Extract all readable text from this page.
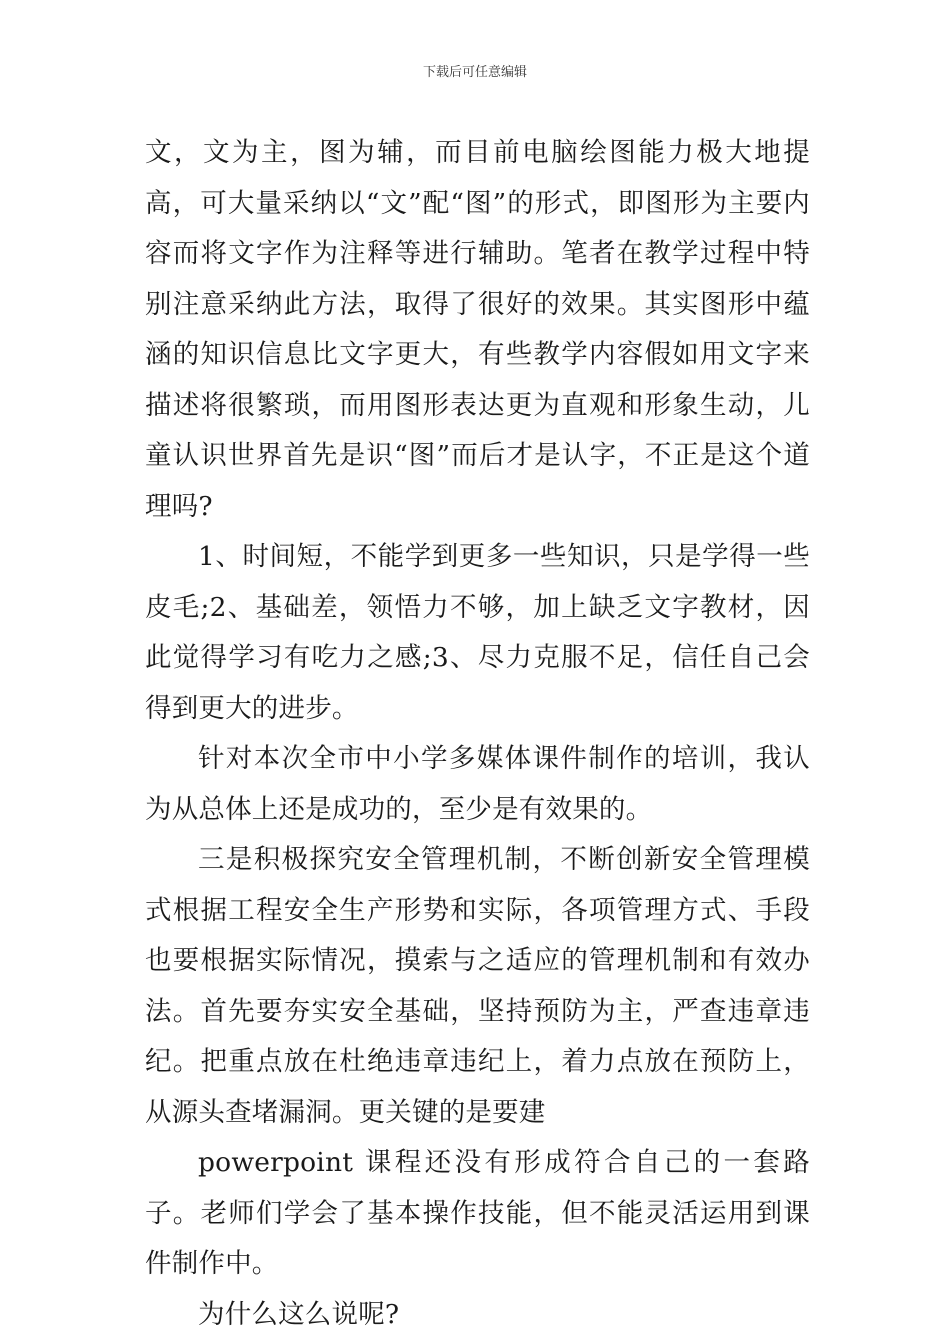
下载后可任意编辑

文，文为主，图为辅，而目前电脑绘图能力极大地提高，可大量采纳以“文”配“图”的形式，即图形为主要内容而将文字作为注释等进行辅助。笔者在教学过程中特别注意采纳此方法，取得了很好的效果。其实图形中蕴涵的知识信息比文字更大，有些教学内容假如用文字来描述将很繁琐，而用图形表达更为直观和形象生动，儿童认识世界首先是识“图”而后才是认字，不正是这个道理吗?

1、时间短，不能学到更多一些知识，只是学得一些皮毛;2、基础差，领悟力不够，加上缺乏文字教材，因此觉得学习有吃力之感;3、尽力克服不足，信任自己会得到更大的进步。

针对本次全市中小学多媒体课件制作的培训，我认为从总体上还是成功的，至少是有效果的。

三是积极探究安全管理机制，不断创新安全管理模式根据工程安全生产形势和实际，各项管理方式、手段也要根据实际情况，摸索与之适应的管理机制和有效办法。首先要夯实安全基础，坚持预防为主，严查违章违纪。把重点放在杜绝违章违纪上，着力点放在预防上，从源头查堵漏洞。更关键的是要建

powerpoint 课程还没有形成符合自己的一套路子。老师们学会了基本操作技能，但不能灵活运用到课件制作中。

为什么这么说呢?
